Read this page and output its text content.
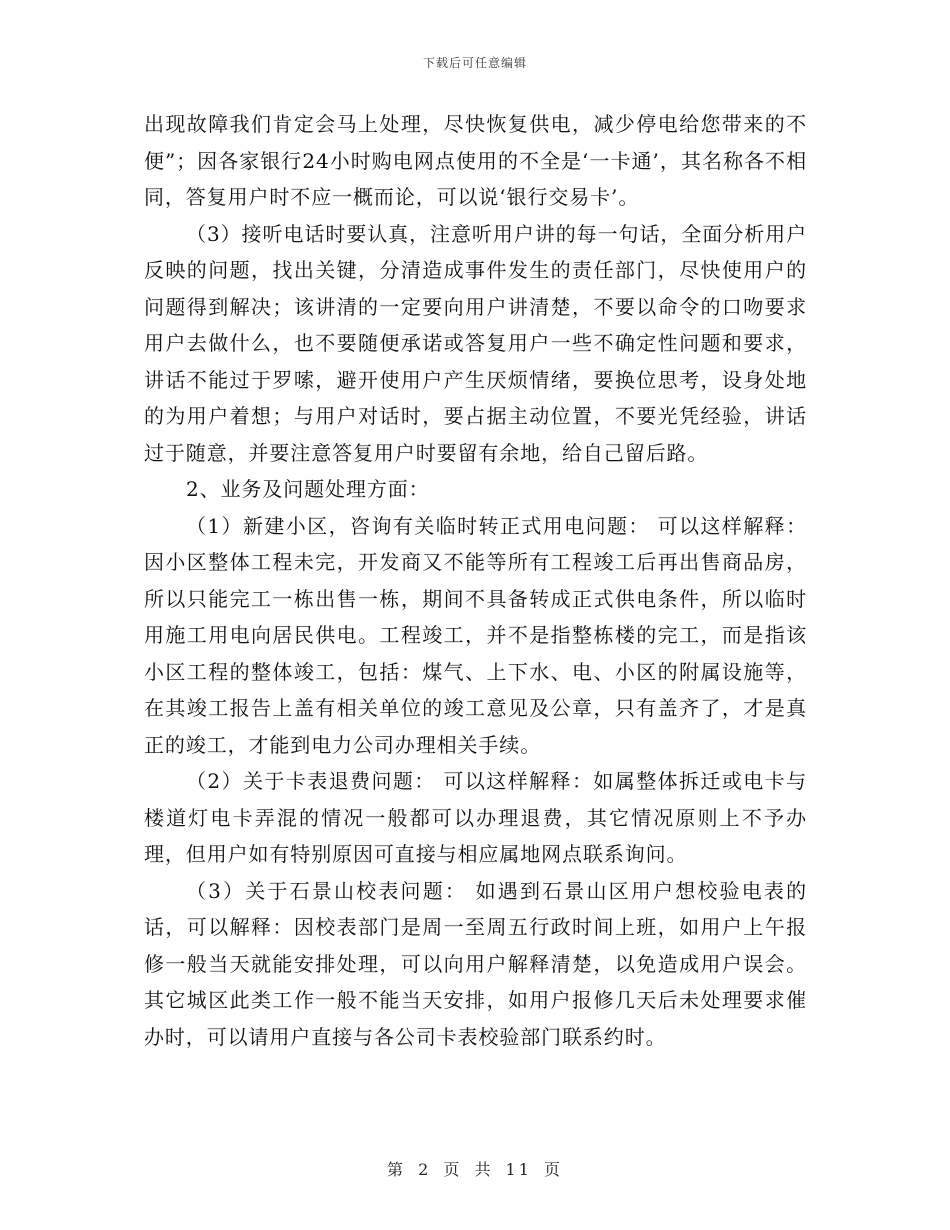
下载后可任意编辑

出现故障我们肯定会马上处理，尽快恢复供电，减少停电给您带来的不便”；因各家银行24小时购电网点使用的不全是‘一卡通’，其名称各不相同，答复用户时不应一概而论，可以说‘银行交易卡’。

（3）接听电话时要认真，注意听用户讲的每一句话，全面分析用户反映的问题，找出关键，分清造成事件发生的责任部门，尽快使用户的问题得到解决；该讲清的一定要向用户讲清楚，不要以命令的口吻要求用户去做什么，也不要随便承诺或答复用户一些不确定性问题和要求，讲话不能过于罗嗦，避开使用户产生厌烦情绪，要换位思考，设身处地的为用户着想；与用户对话时，要占据主动位置，不要光凭经验，讲话过于随意，并要注意答复用户时要留有余地，给自己留后路。

2、业务及问题处理方面：

（1）新建小区，咨询有关临时转正式用电问题： 可以这样解释：因小区整体工程未完，开发商又不能等所有工程竣工后再出售商品房，所以只能完工一栋出售一栋，期间不具备转成正式供电条件，所以临时用施工用电向居民供电。工程竣工，并不是指整栋楼的完工，而是指该小区工程的整体竣工，包括：煤气、上下水、电、小区的附属设施等，在其竣工报告上盖有相关单位的竣工意见及公章，只有盖齐了，才是真正的竣工，才能到电力公司办理相关手续。

（2）关于卡表退费问题： 可以这样解释：如属整体拆迁或电卡与楼道灯电卡弄混的情况一般都可以办理退费，其它情况原则上不予办理，但用户如有特别原因可直接与相应属地网点联系询问。

（3）关于石景山校表问题： 如遇到石景山区用户想校验电表的话，可以解释：因校表部门是周一至周五行政时间上班，如用户上午报修一般当天就能安排处理，可以向用户解释清楚，以免造成用户误会。其它城区此类工作一般不能当天安排，如用户报修几天后未处理要求催办时，可以请用户直接与各公司卡表校验部门联系约时。

第 2 页 共 11 页
